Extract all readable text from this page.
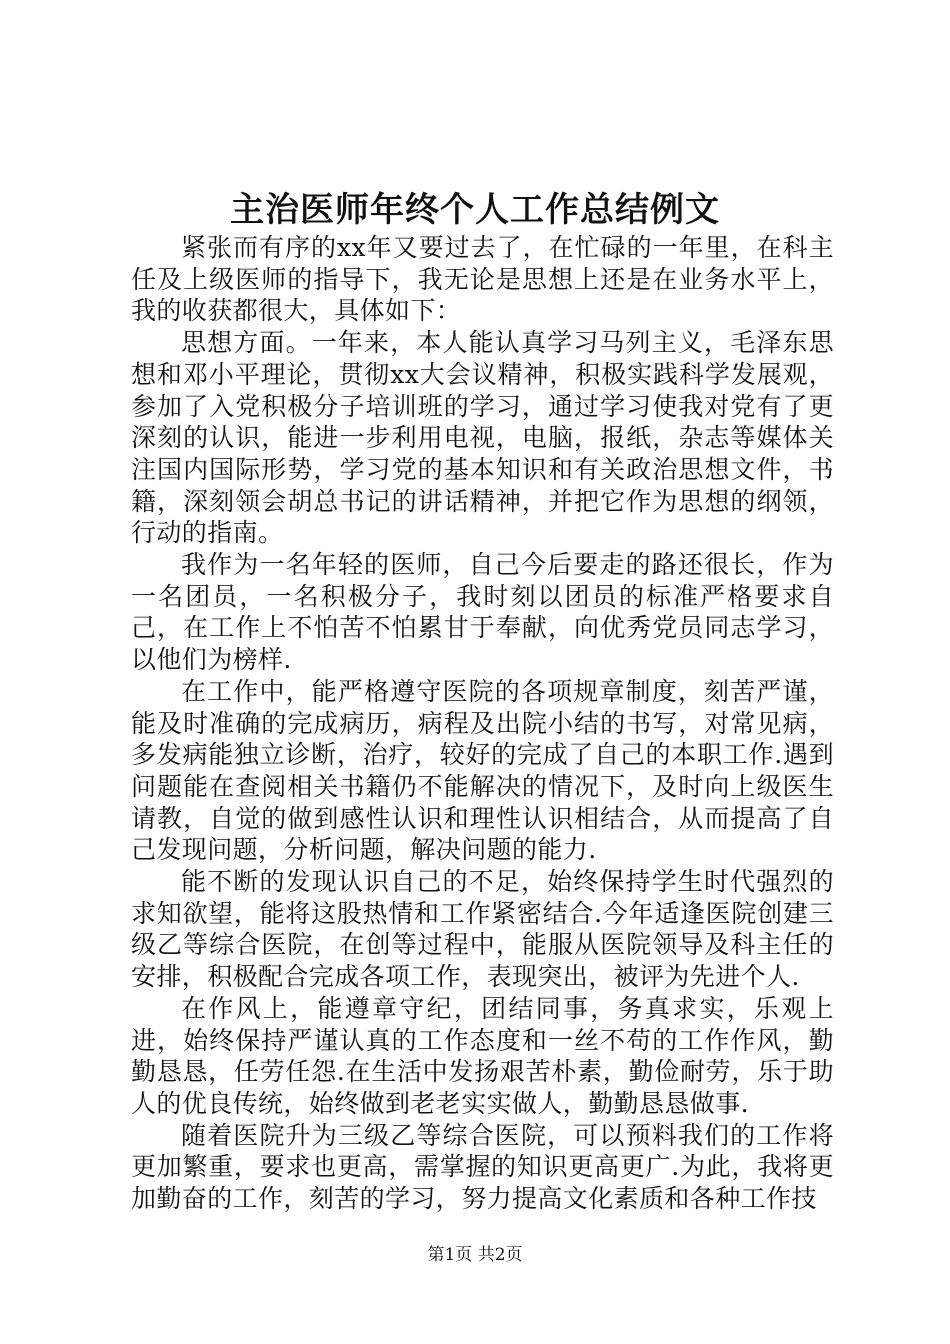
主治医师年终个人工作总结例文

紧张而有序的xx年又要过去了，在忙碌的一年里，在科主任及上级医师的指导下，我无论是思想上还是在业务水平上，我的收获都很大，具体如下：

思想方面。一年来，本人能认真学习马列主义，毛泽东思想和邓小平理论，贯彻xx大会议精神，积极实践科学发展观，参加了入党积极分子培训班的学习，通过学习使我对党有了更深刻的认识，能进一步利用电视，电脑，报纸，杂志等媒体关注国内国际形势，学习党的基本知识和有关政治思想文件，书籍，深刻领会胡总书记的讲话精神，并把它作为思想的纲领，行动的指南。

我作为一名年轻的医师，自己今后要走的路还很长，作为一名团员，一名积极分子，我时刻以团员的标准严格要求自己，在工作上不怕苦不怕累甘于奉献，向优秀党员同志学习，以他们为榜样.

在工作中，能严格遵守医院的各项规章制度，刻苦严谨，能及时准确的完成病历，病程及出院小结的书写，对常见病，多发病能独立诊断，治疗，较好的完成了自己的本职工作.遇到问题能在查阅相关书籍仍不能解决的情况下，及时向上级医生请教，自觉的做到感性认识和理性认识相结合，从而提高了自己发现问题，分析问题，解决问题的能力.

能不断的发现认识自己的不足，始终保持学生时代强烈的求知欲望，能将这股热情和工作紧密结合.今年适逢医院创建三级乙等综合医院，在创等过程中，能服从医院领导及科主任的安排，积极配合完成各项工作，表现突出，被评为先进个人.

在作风上，能遵章守纪，团结同事，务真求实，乐观上进，始终保持严谨认真的工作态度和一丝不苟的工作作风，勤勤恳恳，任劳任怨.在生活中发扬艰苦朴素，勤俭耐劳，乐于助人的优良传统，始终做到老老实实做人，勤勤恳恳做事.

随着医院升为三级乙等综合医院，可以预料我们的工作将更加繁重，要求也更高，需掌握的知识更高更广.为此，我将更加勤奋的工作，刻苦的学习，努力提高文化素质和各种工作技

第1页 共2页
